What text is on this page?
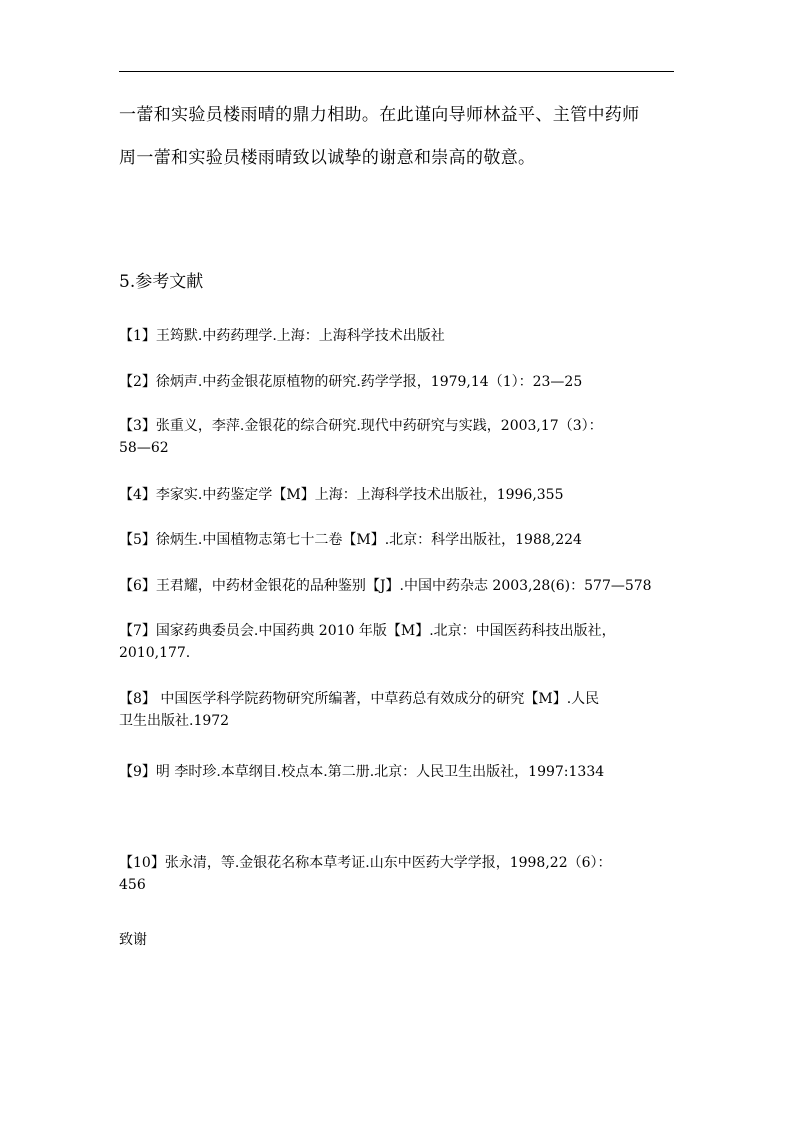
一蕾和实验员楼雨晴的鼎力相助。在此谨向导师林益平、主管中药师
周一蕾和实验员楼雨晴致以诚挚的谢意和崇高的敬意。
5.参考文献
【1】王筠默.中药药理学.上海：上海科学技术出版社
【2】徐炳声.中药金银花原植物的研究.药学学报，1979,14（1）：23—25
【3】张重义，李萍.金银花的综合研究.现代中药研究与实践，2003,17（3）：
58—62
【4】李家实.中药鉴定学【M】上海：上海科学技术出版社，1996,355
【5】徐炳生.中国植物志第七十二卷【M】.北京：科学出版社，1988,224
【6】王君耀，中药材金银花的品种鉴别【J】.中国中药杂志 2003,28(6)：577—578
【7】国家药典委员会.中国药典 2010 年版【M】.北京：中国医药科技出版社，
2010,177.
【8】 中国医学科学院药物研究所编著，中草药总有效成分的研究【M】.人民
卫生出版社.1972
【9】明 李时珍.本草纲目.校点本.第二册.北京：人民卫生出版社，1997:1334
【10】张永清，等.金银花名称本草考证.山东中医药大学学报，1998,22（6）：
456
致谢
